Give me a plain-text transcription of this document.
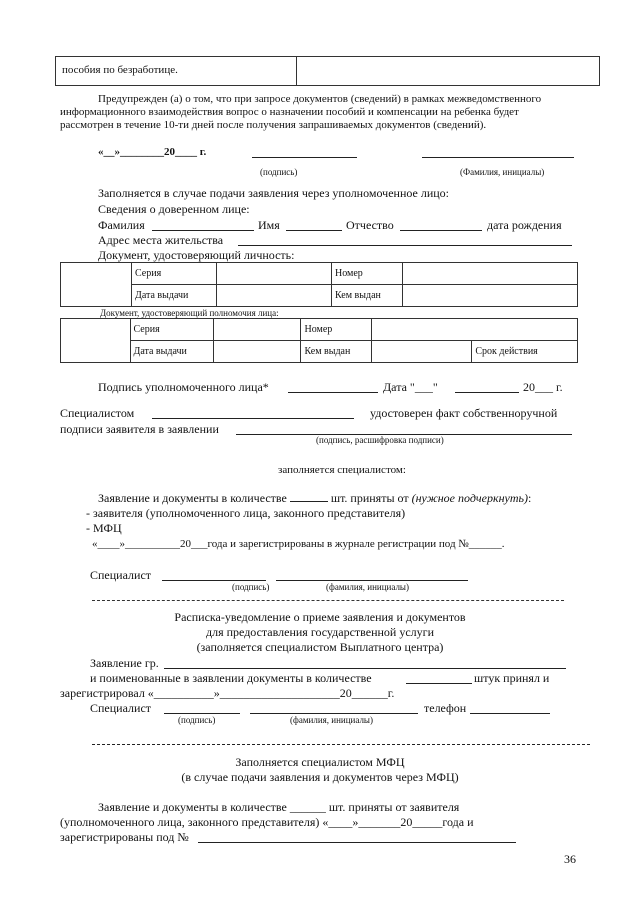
пособия по безработице.
Предупрежден (а) о том, что при запросе документов (сведений) в рамках межведомственного
информационного взаимодействия вопрос о назначении пособий и компенсации на ребенка будет
рассмотрен в течение 10-ти дней после получения запрашиваемых документов (сведений).
«__»________20____ г.
(подпись)	(Фамилия, инициалы)
Заполняется в случае подачи заявления через уполномоченное лицо:
Сведения о доверенном лице:
Фамилия	Имя	Отчество	дата рождения
Адрес места жительства
Документ, удостоверяющий личность:
	Серия		Номер	
	Дата выдачи		Кем выдан	
Документ, удостоверяющий полномочия лица:
	Серия		Номер		
	Дата выдачи		Кем выдан		Срок действия
Подпись уполномоченного лица*	Дата "___"	20___ г.
Специалистом	удостоверен факт собственноручной
подписи заявителя в заявлении
(подпись, расшифровка подписи)
заполняется специалистом:
Заявление и документы в количестве	шт. приняты от (нужное подчеркнуть):
- заявителя (уполномоченного лица, законного представителя)
- МФЦ
«____»__________20___года и зарегистрированы в журнале регистрации под №______.
Специалист
(подпись)	(фамилия, инициалы)
Расписка-уведомление о приеме заявления и документов
для предоставления государственной услуги
(заполняется специалистом Выплатного центра)
Заявление гр.
и поименованные в заявлении документы в количестве	штук принял и
зарегистрировал «__________»____________________20______г.
Специалист	телефон
(подпись)	(фамилия, инициалы)
Заполняется специалистом МФЦ
(в случае подачи заявления и документов через МФЦ)
Заявление и документы в количестве ______ шт. приняты от заявителя
(уполномоченного лица, законного представителя) «____»_______20_____года и
зарегистрированы под №
36
